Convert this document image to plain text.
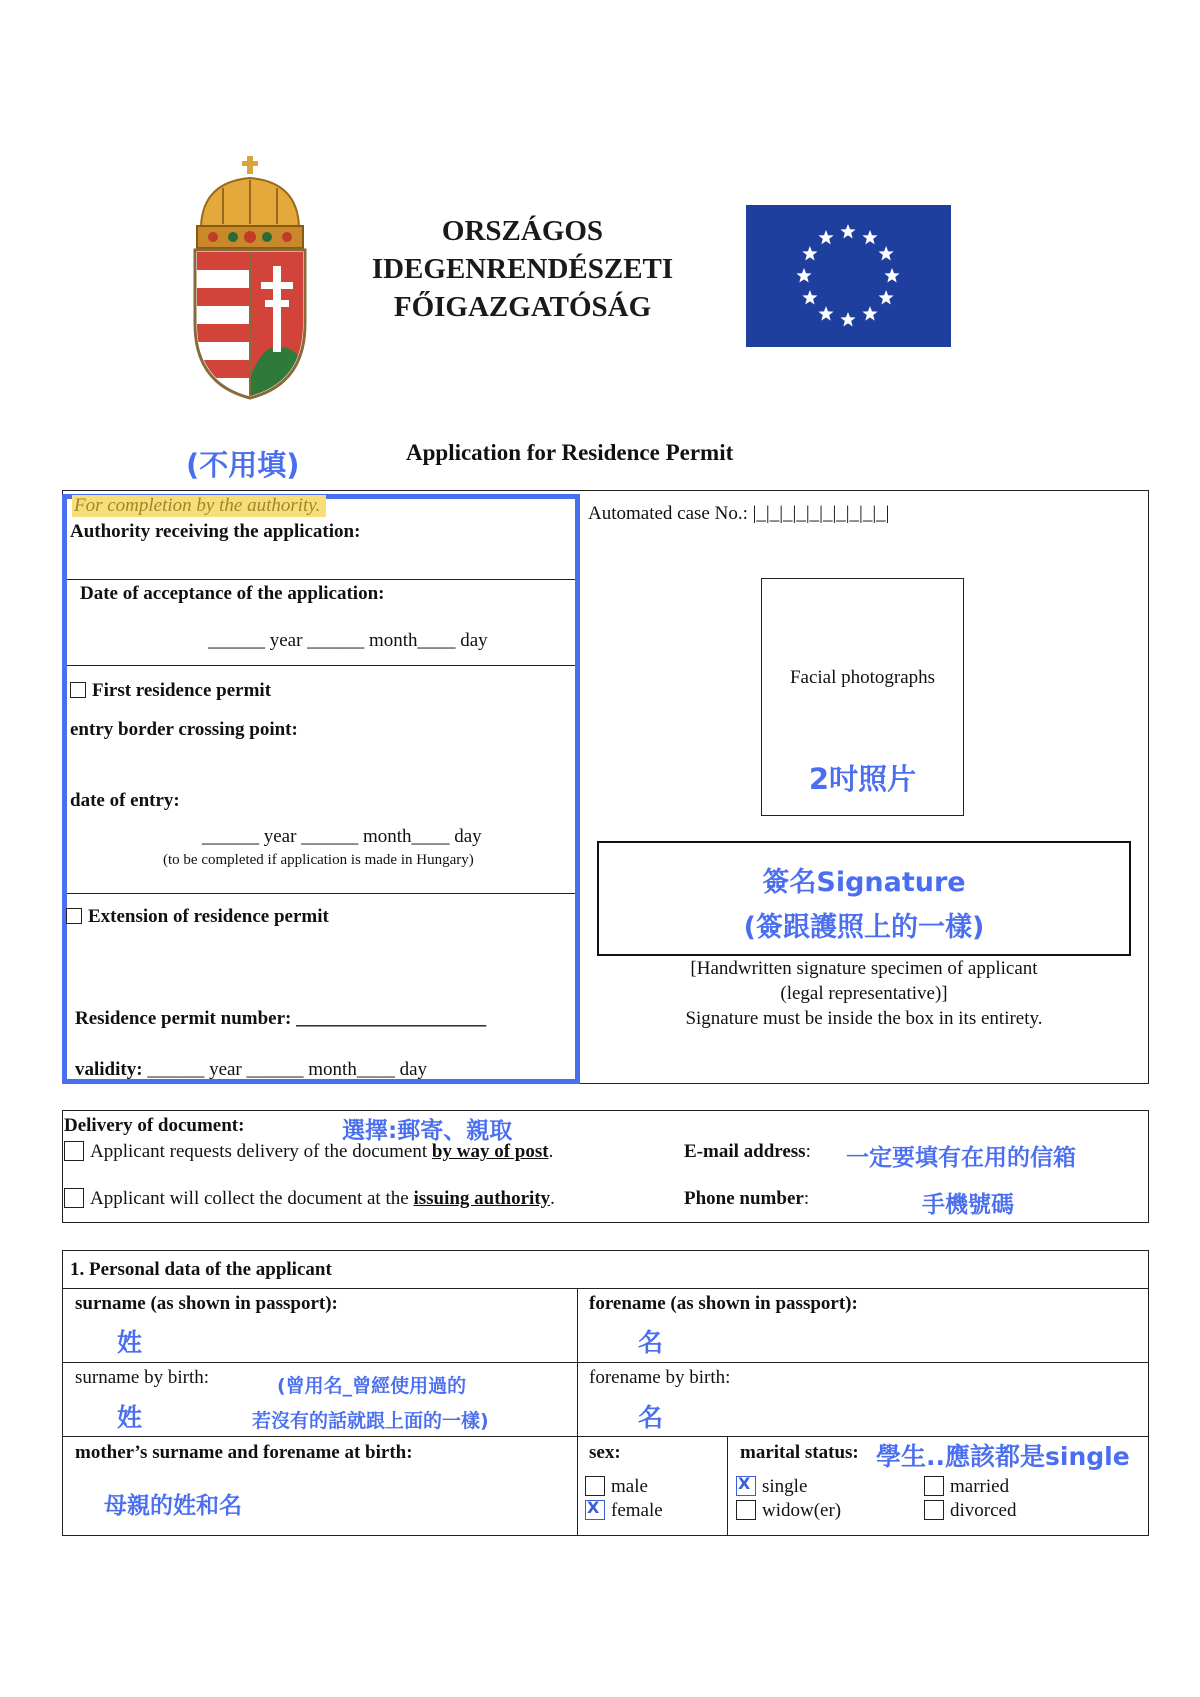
ORSZÁGOS
IDEGENRENDÉSZETI
FŐIGAZGATÓSÁG
(不用填)	Application for Residence Permit
For completion by the authority.
Authority receiving the application:
Date of acceptance of the application:
______ year ______ month____ day
First residence permit
entry border crossing point:
date of entry:
______ year ______ month____ day
(to be completed if application is made in Hungary)
Extension of residence permit
Residence permit number: ____________________
validity: ______ year ______ month____ day
Automated case No.: |_|_|_|_|_|_|_|_|_|_|
Facial photographs
2吋照片
簽名Signature
(簽跟護照上的一樣)
[Handwritten signature specimen of applicant
(legal representative)]
Signature must be inside the box in its entirety.
Delivery of document:	選擇:郵寄、親取
Applicant requests delivery of the document by way of post.
Applicant will collect the document at the issuing authority.
E-mail address: 一定要填有在用的信箱
Phone number:	手機號碼
1. Personal data of the applicant
surname (as shown in passport):
姓
forename (as shown in passport):
名
surname by birth:	(曾用名_曾經使用過的
若沒有的話就跟上面的一樣)
姓
forename by birth:
名
mother’s surname and forename at birth:
母親的姓和名
sex:
male
Xfemale
marital status: 學生..應該都是single
Xsingle
widow(er)
married
divorced
